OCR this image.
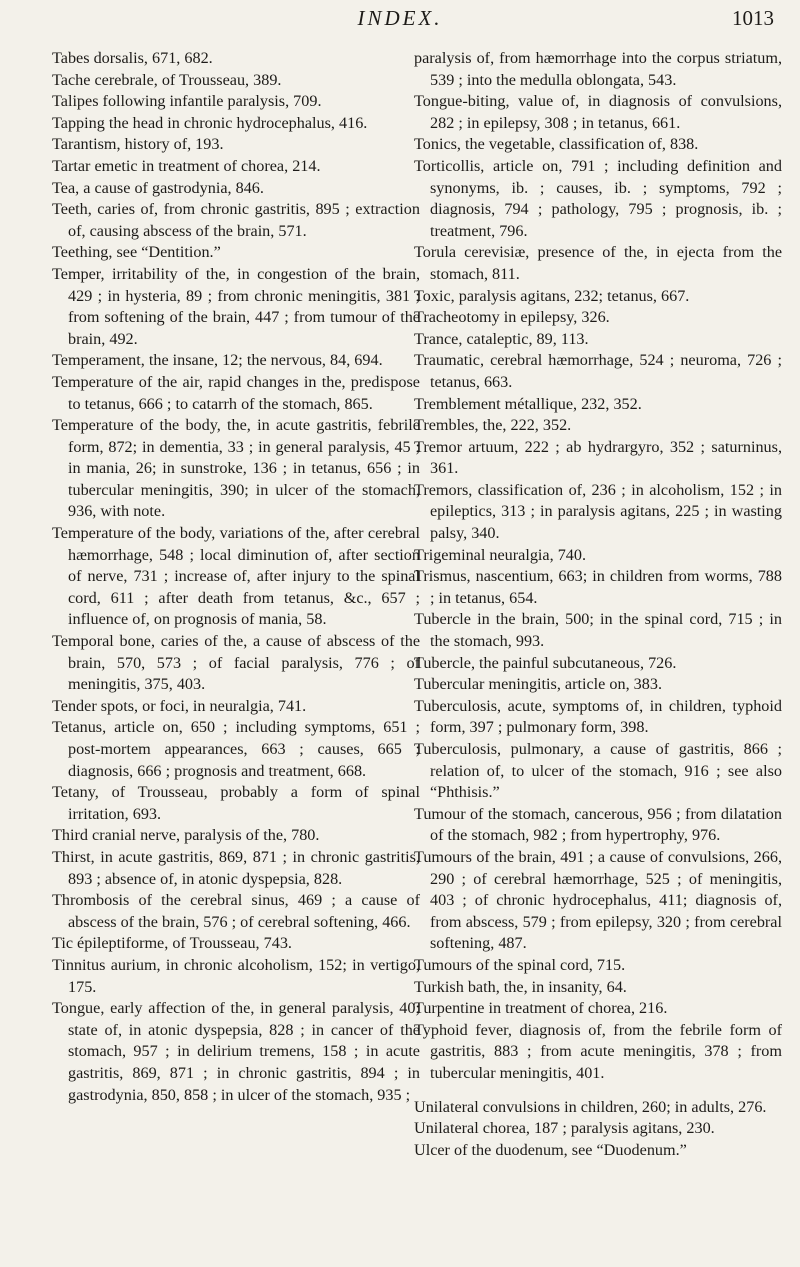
INDEX.	1013

Tabes dorsalis, 671, 682.

Tache cerebrale, of Trousseau, 389.

Talipes following infantile paralysis, 709.

Tapping the head in chronic hydrocephalus, 416.

Tarantism, history of, 193.

Tartar emetic in treatment of chorea, 214.

Tea, a cause of gastrodynia, 846.

Teeth, caries of, from chronic gastritis, 895 ; extraction of, causing abscess of the brain, 571.

Teething, see “Dentition.”

Temper, irritability of the, in congestion of the brain, 429 ; in hysteria, 89 ; from chronic meningitis, 381 ; from softening of the brain, 447 ; from tumour of the brain, 492.

Temperament, the insane, 12; the nervous, 84, 694.

Temperature of the air, rapid changes in the, predispose to tetanus, 666 ; to catarrh of the stomach, 865.

Temperature of the body, the, in acute gastritis, febrile form, 872; in dementia, 33 ; in general paralysis, 45 ; in mania, 26; in sunstroke, 136 ; in tetanus, 656 ; in tubercular meningitis, 390; in ulcer of the stomach, 936, with note.

Temperature of the body, variations of the, after cerebral hæmorrhage, 548 ; local diminution of, after section of nerve, 731 ; increase of, after injury to the spinal cord, 611 ; after death from tetanus, &c., 657 ; influence of, on prognosis of mania, 58.

Temporal bone, caries of the, a cause of abscess of the brain, 570, 573 ; of facial paralysis, 776 ; of meningitis, 375, 403.

Tender spots, or foci, in neuralgia, 741.

Tetanus, article on, 650 ; including symptoms, 651 ; post-mortem appearances, 663 ; causes, 665 ; diagnosis, 666 ; prognosis and treatment, 668.

Tetany, of Trousseau, probably a form of spinal irritation, 693.

Third cranial nerve, paralysis of the, 780.

Thirst, in acute gastritis, 869, 871 ; in chronic gastritis, 893 ; absence of, in atonic dyspepsia, 828.

Thrombosis of the cerebral sinus, 469 ; a cause of abscess of the brain, 576 ; of cerebral softening, 466.

Tic épileptiforme, of Trousseau, 743.

Tinnitus aurium, in chronic alcoholism, 152; in vertigo, 175.

Tongue, early affection of the, in general paralysis, 40; state of, in atonic dyspepsia, 828 ; in cancer of the stomach, 957 ; in delirium tremens, 158 ; in acute gastritis, 869, 871 ; in chronic gastritis, 894 ; in gastrodynia, 850, 858 ; in ulcer of the stomach, 935 ;

paralysis of, from hæmorrhage into the corpus striatum, 539 ; into the medulla oblongata, 543.

Tongue-biting, value of, in diagnosis of convulsions, 282 ; in epilepsy, 308 ; in tetanus, 661.

Tonics, the vegetable, classification of, 838.

Torticollis, article on, 791 ; including definition and synonyms, ib. ; causes, ib. ; symptoms, 792 ; diagnosis, 794 ; pathology, 795 ; prognosis, ib. ; treatment, 796.

Torula cerevisiæ, presence of the, in ejecta from the stomach, 811.

Toxic, paralysis agitans, 232; tetanus, 667.

Tracheotomy in epilepsy, 326.

Trance, cataleptic, 89, 113.

Traumatic, cerebral hæmorrhage, 524 ; neuroma, 726 ; tetanus, 663.

Tremblement métallique, 232, 352.

Trembles, the, 222, 352.

Tremor artuum, 222 ; ab hydrargyro, 352 ; saturninus, 361.

Tremors, classification of, 236 ; in alcoholism, 152 ; in epileptics, 313 ; in paralysis agitans, 225 ; in wasting palsy, 340.

Trigeminal neuralgia, 740.

Trismus, nascentium, 663; in children from worms, 788 ; in tetanus, 654.

Tubercle in the brain, 500; in the spinal cord, 715 ; in the stomach, 993.

Tubercle, the painful subcutaneous, 726.

Tubercular meningitis, article on, 383.

Tuberculosis, acute, symptoms of, in children, typhoid form, 397 ; pulmonary form, 398.

Tuberculosis, pulmonary, a cause of gastritis, 866 ; relation of, to ulcer of the stomach, 916 ; see also “Phthisis.”

Tumour of the stomach, cancerous, 956 ; from dilatation of the stomach, 982 ; from hypertrophy, 976.

Tumours of the brain, 491 ; a cause of convulsions, 266, 290 ; of cerebral hæmorrhage, 525 ; of meningitis, 403 ; of chronic hydrocephalus, 411; diagnosis of, from abscess, 579 ; from epilepsy, 320 ; from cerebral softening, 487.

Tumours of the spinal cord, 715.

Turkish bath, the, in insanity, 64.

Turpentine in treatment of chorea, 216.

Typhoid fever, diagnosis of, from the febrile form of gastritis, 883 ; from acute meningitis, 378 ; from tubercular meningitis, 401.

Unilateral convulsions in children, 260; in adults, 276.

Unilateral chorea, 187 ; paralysis agitans, 230.

Ulcer of the duodenum, see “Duodenum.”
